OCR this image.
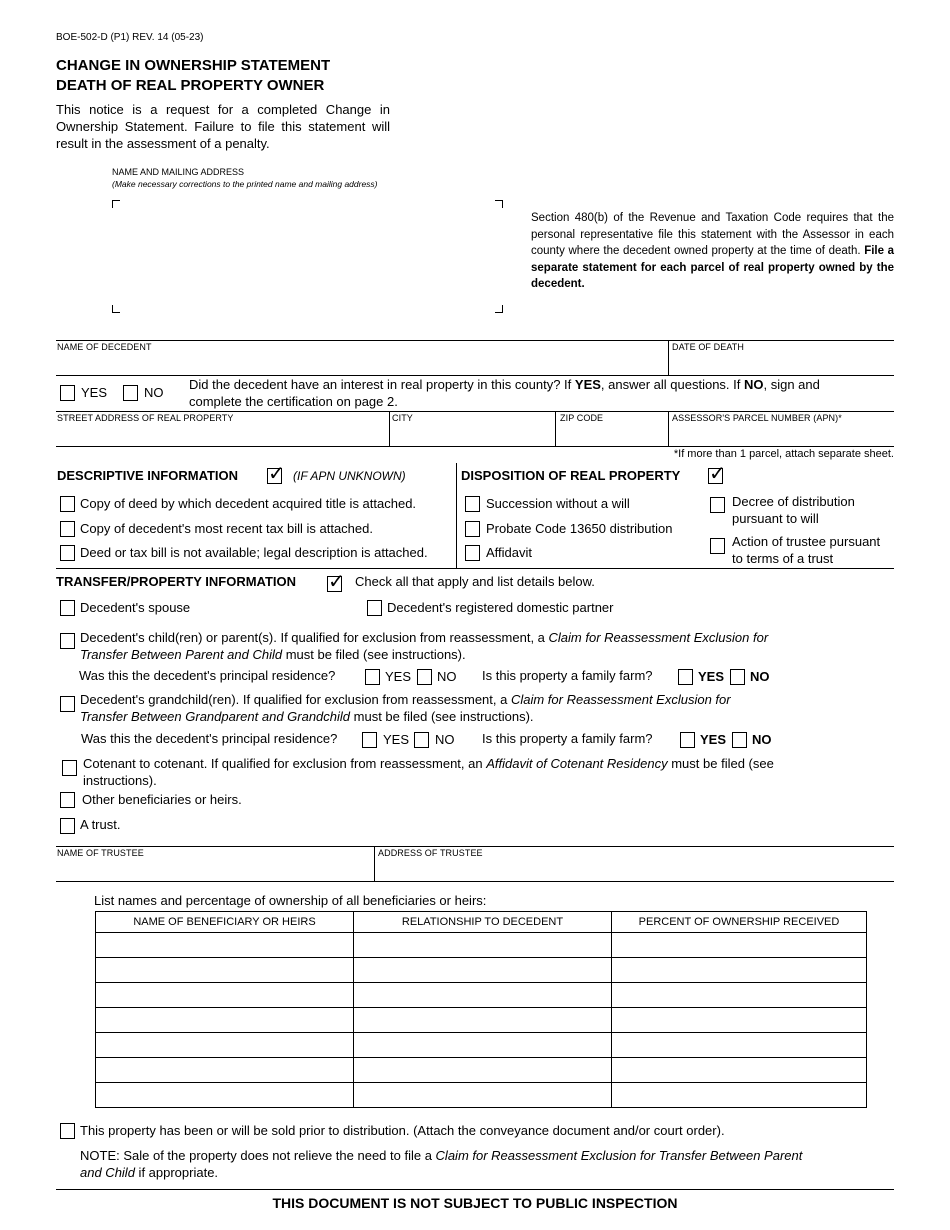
BOE-502-D (P1) REV. 14 (05-23)
CHANGE IN OWNERSHIP STATEMENT
DEATH OF REAL PROPERTY OWNER
This notice is a request for a completed Change in Ownership Statement. Failure to file this statement will result in the assessment of a penalty.
NAME AND MAILING ADDRESS
(Make necessary corrections to the printed name and mailing address)
Section 480(b) of the Revenue and Taxation Code requires that the personal representative file this statement with the Assessor in each county where the decedent owned property at the time of death. File a separate statement for each parcel of real property owned by the decedent.
NAME OF DECEDENT	DATE OF DEATH
YES	NO
Did the decedent have an interest in real property in this county? If YES, answer all questions. If NO, sign and
complete the certification on page 2.
STREET ADDRESS OF REAL PROPERTY	CITY	ZIP CODE	ASSESSOR'S PARCEL NUMBER (APN)*
*If more than 1 parcel, attach separate sheet.
DESCRIPTIVE INFORMATION ✓ (IF APN UNKNOWN)
Copy of deed by which decedent acquired title is attached.
Copy of decedent's most recent tax bill is attached.
Deed or tax bill is not available; legal description is attached.
DISPOSITION OF REAL PROPERTY ✓
Succession without a will
Probate Code 13650 distribution
Affidavit
Decree of distribution
pursuant to will
Action of trustee pursuant
to terms of a trust
TRANSFER/PROPERTY INFORMATION ✓ Check all that apply and list details below.
Decedent's spouse	Decedent's registered domestic partner
Decedent's child(ren) or parent(s). If qualified for exclusion from reassessment, a Claim for Reassessment Exclusion for
Transfer Between Parent and Child must be filed (see instructions).
Was this the decedent's principal residence?	YES NO Is this property a family farm?	YES NO
Decedent's grandchild(ren). If qualified for exclusion from reassessment, a Claim for Reassessment Exclusion for
Transfer Between Grandparent and Grandchild must be filed (see instructions).
Was this the decedent's principal residence?	YES NO Is this property a family farm?	YES NO
Cotenant to cotenant. If qualified for exclusion from reassessment, an Affidavit of Cotenant Residency must be filed (see
instructions).
Other beneficiaries or heirs.
A trust.
NAME OF TRUSTEE	ADDRESS OF TRUSTEE
List names and percentage of ownership of all beneficiaries or heirs:
NAME OF BENEFICIARY OR HEIRS	RELATIONSHIP TO DECEDENT	PERCENT OF OWNERSHIP RECEIVED

This property has been or will be sold prior to distribution. (Attach the conveyance document and/or court order).
NOTE: Sale of the property does not relieve the need to file a Claim for Reassessment Exclusion for Transfer Between Parent
and Child if appropriate.
THIS DOCUMENT IS NOT SUBJECT TO PUBLIC INSPECTION
